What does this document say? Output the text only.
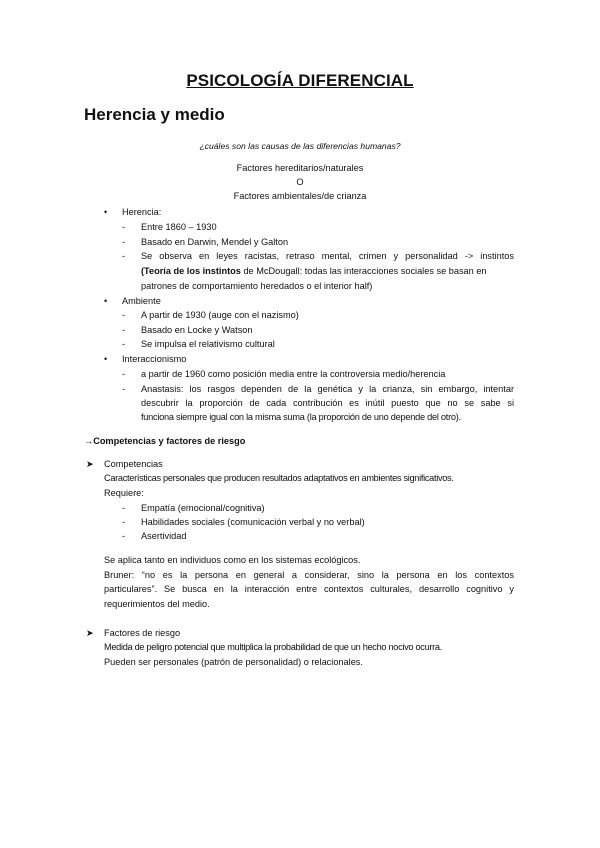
PSICOLOGÍA DIFERENCIAL
Herencia y medio
¿cuáles son las causas de las diferencias humanas?
Factores hereditarios/naturales
O
Factores ambientales/de crianza
• Herencia:
- Entre 1860 – 1930
- Basado en Darwin, Mendel y Galton
- Se observa en leyes racistas, retraso mental, crimen y personalidad -> instintos
(Teoría de los instintos de McDougall: todas las interacciones sociales se basan en
patrones de comportamiento heredados o el interior half)
• Ambiente
- A partir de 1930 (auge con el nazismo)
- Basado en Locke y Watson
- Se impulsa el relativismo cultural
• Interaccionismo
- a partir de 1960 como posición media entre la controversia medio/herencia
- Anastasis: los rasgos dependen de la genética y la crianza, sin embargo, intentar
descubrir la proporción de cada contribución es inútil puesto que no se sabe si
funciona siempre igual con la misma suma (la proporción de uno depende del otro).
→Competencias y factores de riesgo
➤ Competencias
Características personales que producen resultados adaptativos en ambientes significativos.
Requiere:
- Empatía (emocional/cognitiva)
- Habilidades sociales (comunicación verbal y no verbal)
- Asertividad
Se aplica tanto en individuos como en los sistemas ecológicos.
Bruner: “no es la persona en general a considerar, sino la persona en los contextos
particulares”. Se busca en la interacción entre contextos culturales, desarrollo cognitivo y
requerimientos del medio.
➤ Factores de riesgo
Medida de peligro potencial que multiplica la probabilidad de que un hecho nocivo ocurra.
Pueden ser personales (patrón de personalidad) o relacionales.
